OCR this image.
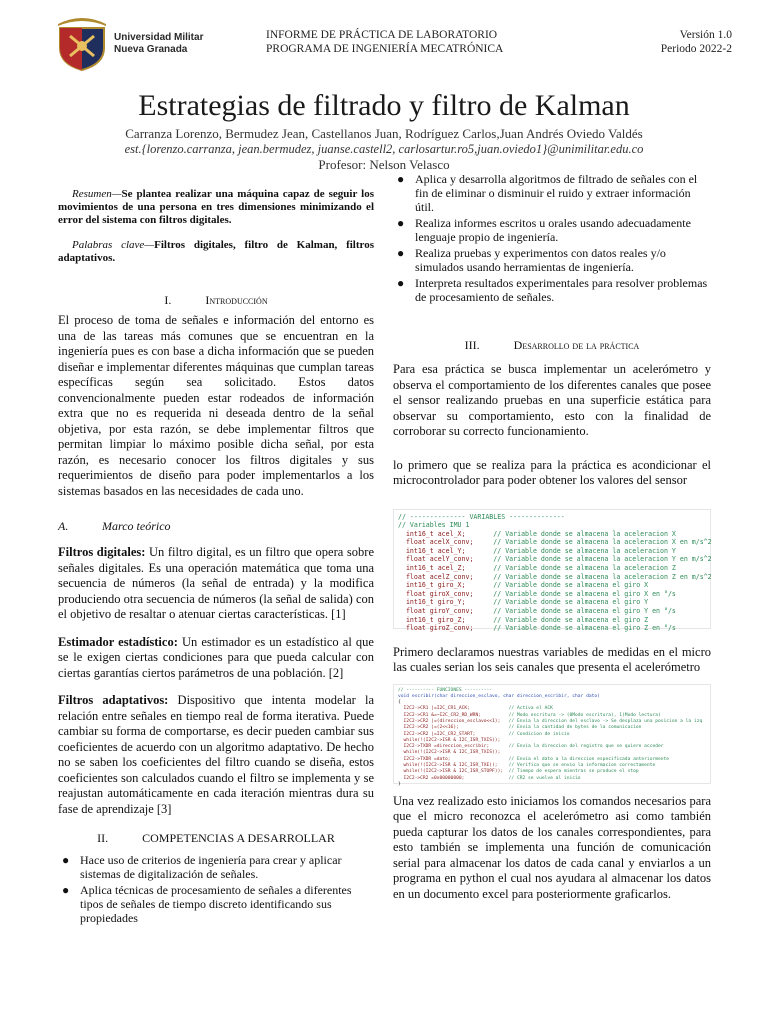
Universidad Militar
Nueva Granada
INFORME DE PRÁCTICA DE LABORATORIO
PROGRAMA DE INGENIERÍA MECATRÓNICA
Versión 1.0
Periodo 2022-2
Estrategias de filtrado y filtro de Kalman
Carranza Lorenzo, Bermudez Jean, Castellanos Juan, Rodríguez Carlos,Juan Andrés Oviedo Valdés
est.{lorenzo.carranza, jean.bermudez, juanse.castell2, carlosartur.ro5,juan.oviedo1}@unimilitar.edu.co
Profesor: Nelson Velasco

Resumen—Se plantea realizar una máquina capaz de seguir los movimientos de una persona en tres dimensiones minimizando el error del sistema con filtros digitales.

Palabras clave—Filtros digitales, filtro de Kalman, filtros adaptativos.

I.	Introducción

El proceso de toma de señales e información del entorno es una de las tareas más comunes que se encuentran en la ingeniería pues es con base a dicha información que se pueden diseñar e implementar diferentes máquinas que cumplan tareas específicas según sea solicitado. Estos datos convencionalmente pueden estar rodeados de información extra que no es requerida ni deseada dentro de la señal objetiva, por esta razón, se debe implementar filtros que permitan limpiar lo máximo posible dicha señal, por esta razón, es necesario conocer los filtros digitales y sus requerimientos de diseño para poder implementarlos a los sistemas basados en las necesidades de cada uno.

A.	Marco teórico

Filtros digitales: Un filtro digital, es un filtro que opera sobre señales digitales. Es una operación matemática que toma una secuencia de números (la señal de entrada) y la modifica produciendo otra secuencia de números (la señal de salida) con el objetivo de resaltar o atenuar ciertas características. [1]

Estimador estadístico: Un estimador es un estadístico al que se le exigen ciertas condiciones para que pueda calcular con ciertas garantías ciertos parámetros de una población. [2]

Filtros adaptativos: Dispositivo que intenta modelar la relación entre señales en tiempo real de forma iterativa. Puede cambiar su forma de comportarse, es decir pueden cambiar sus coeficientes de acuerdo con un algoritmo adaptativo. De hecho no se saben los coeficientes del filtro cuando se diseña, estos coeficientes son calculados cuando el filtro se implementa y se reajustan automáticamente en cada iteración mientras dura su fase de aprendizaje [3]

II.	COMPETENCIAS A DESARROLLAR
● Hace uso de criterios de ingeniería para crear y aplicar sistemas de digitalización de señales.
● Aplica técnicas de procesamiento de señales a diferentes tipos de señales de tiempo discreto identificando sus propiedades
● Aplica y desarrolla algoritmos de filtrado de señales con el fin de eliminar o disminuir el ruido y extraer información útil.
● Realiza informes escritos u orales usando adecuadamente lenguaje propio de ingeniería.
● Realiza pruebas y experimentos con datos reales y/o simulados usando herramientas de ingeniería.
● Interpreta resultados experimentales para resolver problemas de procesamiento de señales.
III.	Desarrollo de la práctica

Para esa práctica se busca implementar un acelerómetro y observa el comportamiento de los diferentes canales que posee el sensor realizando pruebas en una superficie estática para observar su comportamiento, esto con la finalidad de corroborar su correcto funcionamiento.

lo primero que se realiza para la práctica es acondicionar el microcontrolador para poder obtener los valores del sensor

// -------------- VARIABLES --------------
// Variables IMU 1
int16_t acel_X;       // Variable donde se almacena la aceleracion X
float acelX_conv;     // Variable donde se almacena la aceleracion X en m/s^2
int16_t acel_Y;       // Variable donde se almacena la aceleracion Y
float acelY_conv;     // Variable donde se almacena la aceleracion Y en m/s^2
int16_t acel_Z;       // Variable donde se almacena la aceleracion Z
float acelZ_conv;     // Variable donde se almacena la aceleracion Z en m/s^2
int16_t giro_X;       // Variable donde se almacena el giro X
float giroX_conv;     // Variable donde se almacena el giro X en °/s
int16_t giro_Y;       // Variable donde se almacena el giro Y
float giroY_conv;     // Variable donde se almacena el giro Y en °/s
int16_t giro_Z;       // Variable donde se almacena el giro Z
float giroZ_conv;     // Variable donde se almacena el giro Z en °/s

Primero declaramos nuestras variables de medidas en el micro las cuales serian los seis canales que presenta el acelerómetro

// ---------- FUNCIONES ----------
void escribir(char direccion_esclavo, char direccion_escribir, char dato)
{
I2C2->CR1 |=I2C_CR1_ACK;              // Activa el ACK
I2C2->CR1 &=~I2C_CR2_RD_WRN;          // Modo escritura -> (0Modo escritura), 1(Modo lectura)
I2C2->CR2 |=(direccion_esclavo<<1);   // Envia la direccion del esclavo -> Se desplaza una posicion a la izq
I2C2->CR2 |=(2<<16);                  // Envia la cantidad de bytes de la comunicacion
I2C2->CR2 |=I2C_CR2_START;            // Condicion de inicio
while(!(I2C2->ISR & I2C_ISR_TXIS));
I2C2->TXDR =direccion_escribir;       // Envia la direccion del registro que se quiere acceder
while(!(I2C2->ISR & I2C_ISR_TXIS));
I2C2->TXDR =dato;                     // Envia el dato a la direccion especificada anteriormente
while(!(I2C2->ISR & I2C_ISR_TXE));    // Verifica que se envio la informacion correctamente
while(!(I2C2->ISR & I2C_ISR_STOPF));  // Tiempo de espera mientras se produce el stop
I2C2->CR2 =0x00000000;                // CR2 se vuelve al inicio
}

Una vez realizado esto iniciamos los comandos necesarios para que el micro reconozca el acelerómetro asi como también pueda capturar los datos de los canales correspondientes, para esto también se implementa una función de comunicación serial para almacenar los datos de cada canal y enviarlos a un programa en python el cual nos ayudara al almacenar los datos en un documento excel para posteriormente graficarlos.
